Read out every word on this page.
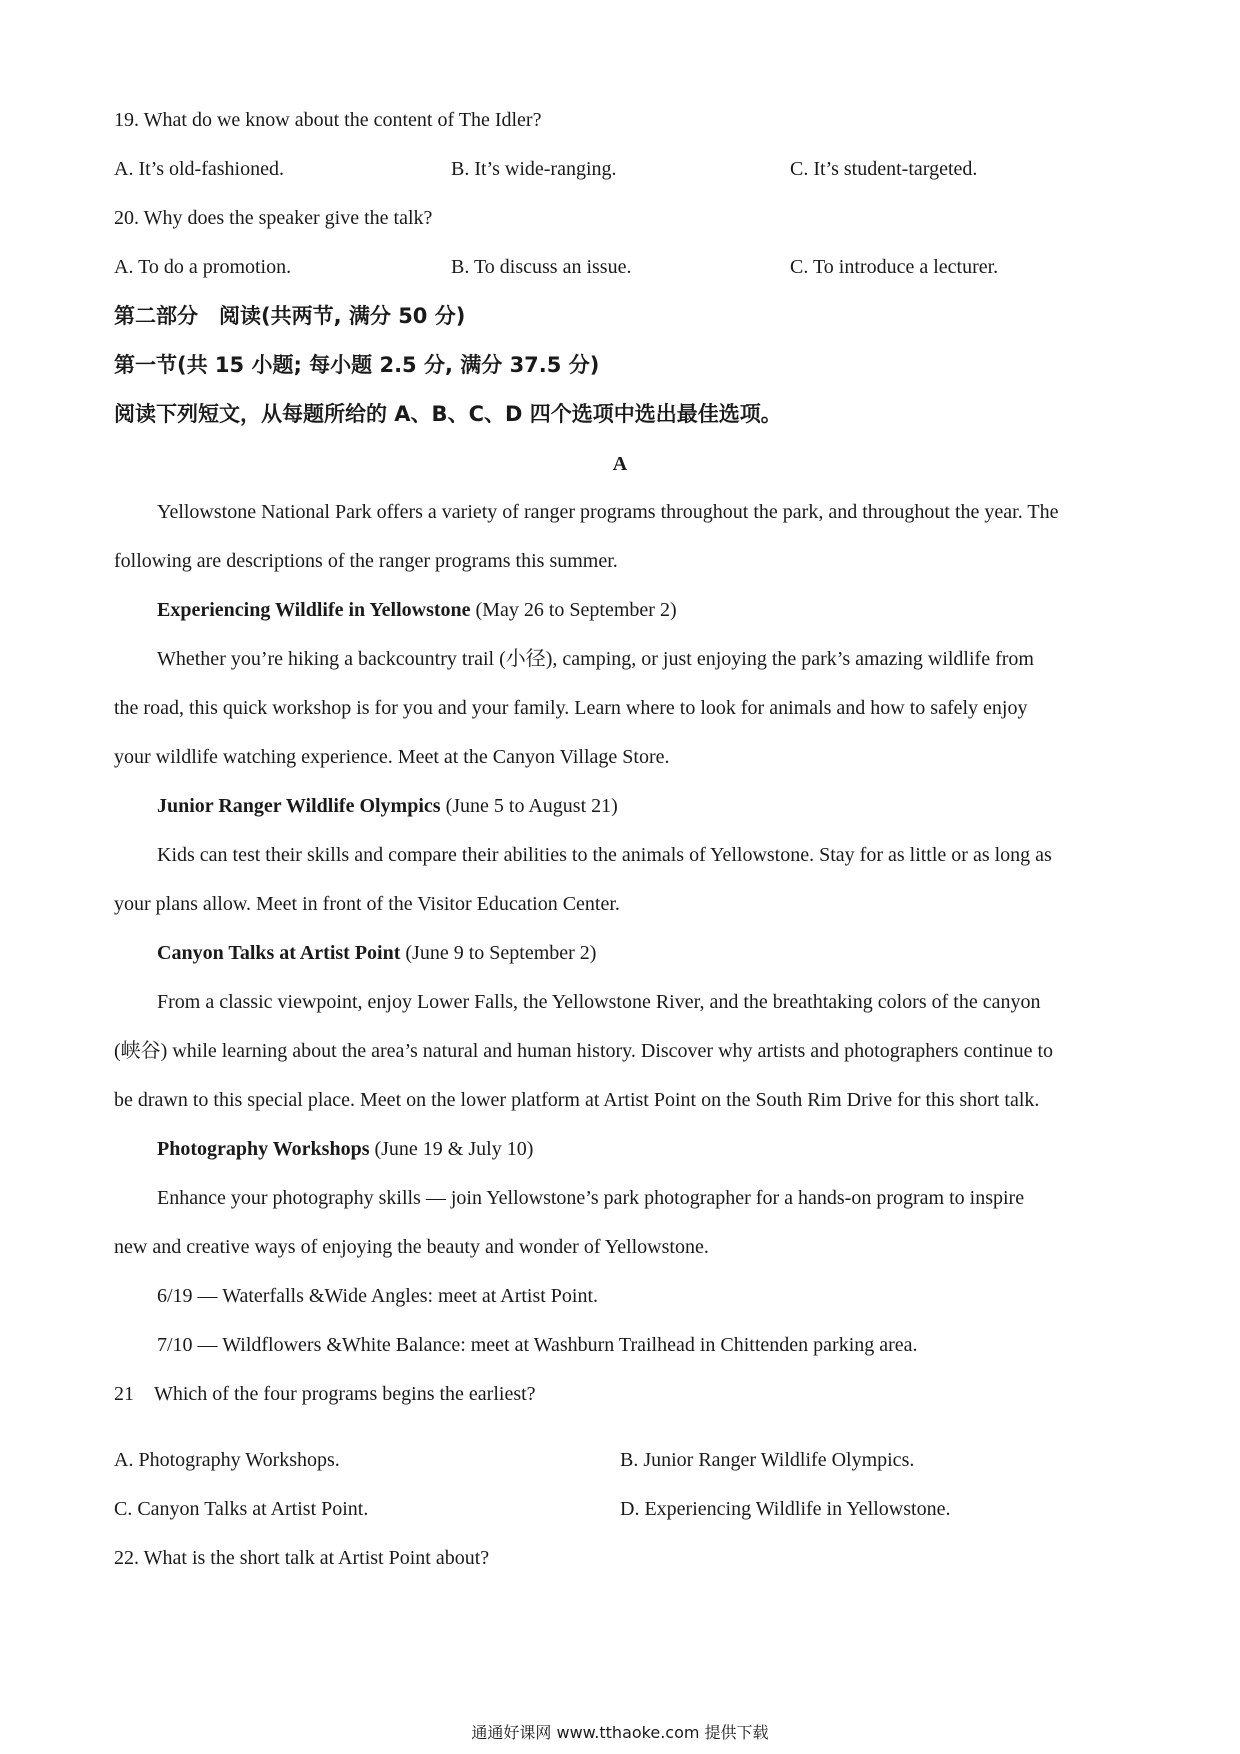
19. What do we know about the content of The Idler?
A. It’s old-fashioned.	B. It’s wide-ranging.	C. It’s student-targeted.
20. Why does the speaker give the talk?
A. To do a promotion.	B. To discuss an issue.	C. To introduce a lecturer.
第二部分　阅读(共两节, 满分 50 分)
第一节(共 15 小题; 每小题 2.5 分, 满分 37.5 分)
阅读下列短文，从每题所给的 A、B、C、D 四个选项中选出最佳选项。
A
Yellowstone National Park offers a variety of ranger programs throughout the park, and throughout the year. The
following are descriptions of the ranger programs this summer.
Experiencing Wildlife in Yellowstone (May 26 to September 2)
Whether you’re hiking a backcountry trail (小径), camping, or just enjoying the park’s amazing wildlife from
the road, this quick workshop is for you and your family. Learn where to look for animals and how to safely enjoy
your wildlife watching experience. Meet at the Canyon Village Store.
Junior Ranger Wildlife Olympics (June 5 to August 21)
Kids can test their skills and compare their abilities to the animals of Yellowstone. Stay for as little or as long as
your plans allow. Meet in front of the Visitor Education Center.
Canyon Talks at Artist Point (June 9 to September 2)
From a classic viewpoint, enjoy Lower Falls, the Yellowstone River, and the breathtaking colors of the canyon
(峡谷) while learning about the area’s natural and human history. Discover why artists and photographers continue to
be drawn to this special place. Meet on the lower platform at Artist Point on the South Rim Drive for this short talk.
Photography Workshops (June 19 & July 10)
Enhance your photography skills — join Yellowstone’s park photographer for a hands-on program to inspire
new and creative ways of enjoying the beauty and wonder of Yellowstone.
6/19 — Waterfalls &Wide Angles: meet at Artist Point.
7/10 — Wildflowers &White Balance: meet at Washburn Trailhead in Chittenden parking area.
21 Which of the four programs begins the earliest?
A. Photography Workshops.	B. Junior Ranger Wildlife Olympics.
C. Canyon Talks at Artist Point.	D. Experiencing Wildlife in Yellowstone.
22. What is the short talk at Artist Point about?
通通好课网 www.tthaoke.com 提供下载
